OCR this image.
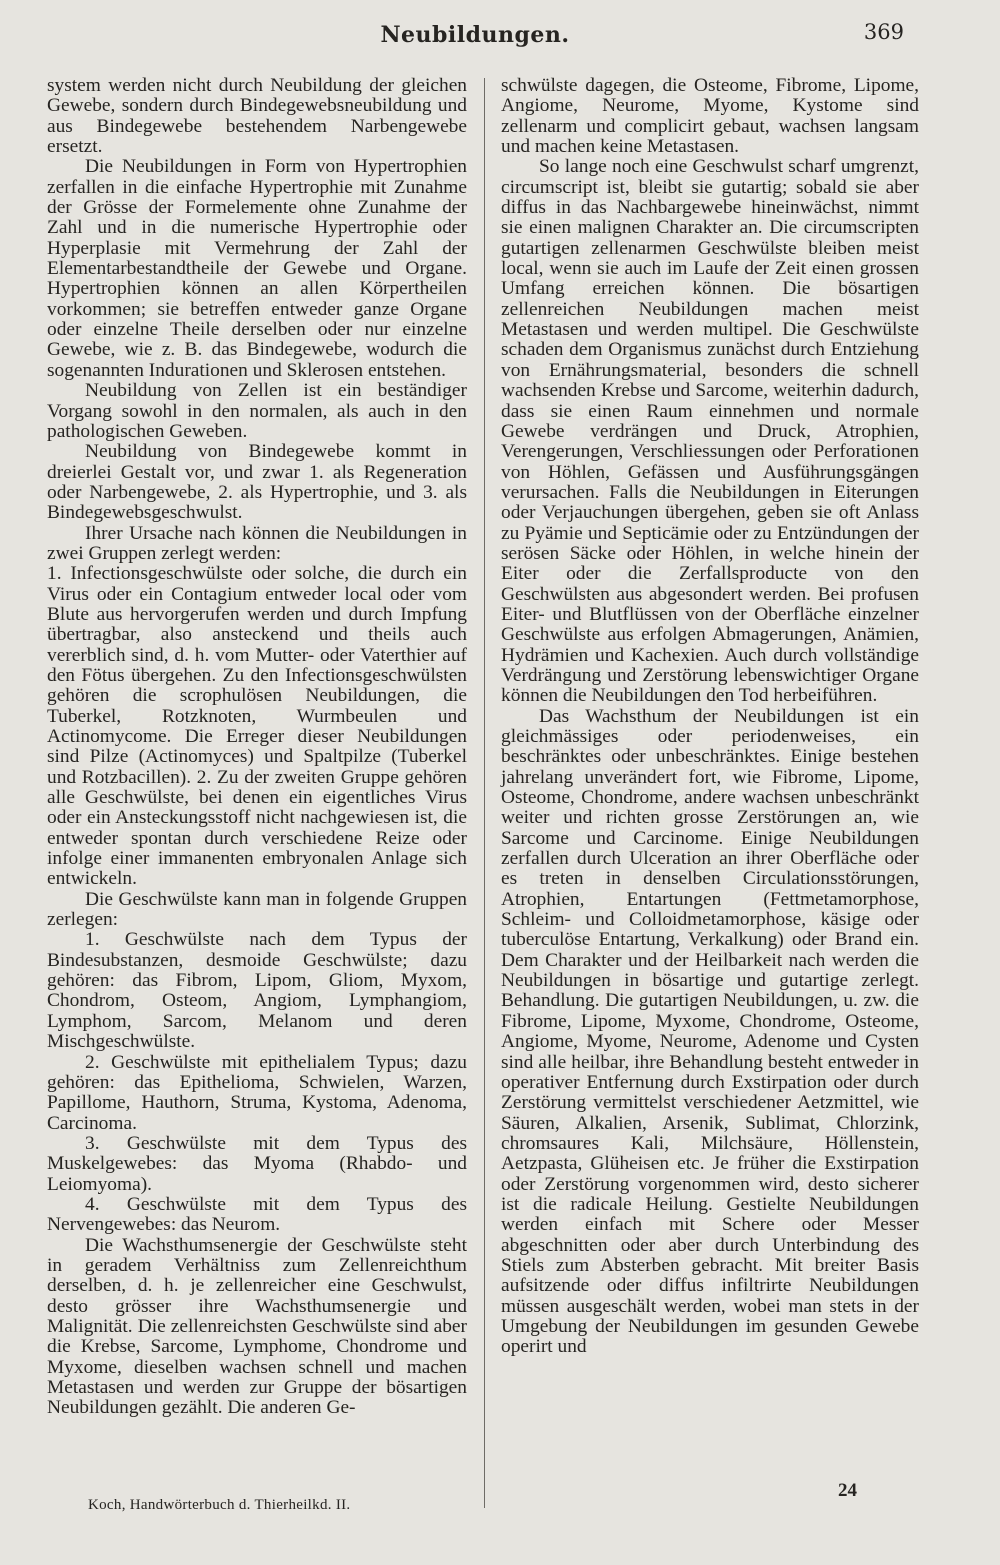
Neubildungen.	369

system werden nicht durch Neubildung der gleichen Gewebe, sondern durch Bindegewebsneubildung und aus Bindegewebe bestehendem Narbengewebe ersetzt.

Die Neubildungen in Form von Hypertrophien zerfallen in die einfache Hypertrophie mit Zunahme der Grösse der Formelemente ohne Zunahme der Zahl und in die numerische Hypertrophie oder Hyperplasie mit Vermehrung der Zahl der Elementarbestandtheile der Gewebe und Organe. Hypertrophien können an allen Körpertheilen vorkommen; sie betreffen entweder ganze Organe oder einzelne Theile derselben oder nur einzelne Gewebe, wie z. B. das Bindegewebe, wodurch die sogenannten Indurationen und Sklerosen entstehen.

Neubildung von Zellen ist ein beständiger Vorgang sowohl in den normalen, als auch in den pathologischen Geweben.

Neubildung von Bindegewebe kommt in dreierlei Gestalt vor, und zwar 1. als Regeneration oder Narbengewebe, 2. als Hypertrophie, und 3. als Bindegewebsgeschwulst.

Ihrer Ursache nach können die Neubildungen in zwei Gruppen zerlegt werden:

1. Infectionsgeschwülste oder solche, die durch ein Virus oder ein Contagium entweder local oder vom Blute aus hervorgerufen werden und durch Impfung übertragbar, also ansteckend und theils auch vererblich sind, d. h. vom Mutter- oder Vaterthier auf den Fötus übergehen. Zu den Infectionsgeschwülsten gehören die scrophulösen Neubildungen, die Tuberkel, Rotzknoten, Wurmbeulen und Actinomycome. Die Erreger dieser Neubildungen sind Pilze (Actinomyces) und Spaltpilze (Tuberkel und Rotzbacillen). 2. Zu der zweiten Gruppe gehören alle Geschwülste, bei denen ein eigentliches Virus oder ein Ansteckungsstoff nicht nachgewiesen ist, die entweder spontan durch verschiedene Reize oder infolge einer immanenten embryonalen Anlage sich entwickeln.

Die Geschwülste kann man in folgende Gruppen zerlegen:

1. Geschwülste nach dem Typus der Bindesubstanzen, desmoide Geschwülste; dazu gehören: das Fibrom, Lipom, Gliom, Myxom, Chondrom, Osteom, Angiom, Lymphangiom, Lymphom, Sarcom, Melanom und deren Mischgeschwülste.

2. Geschwülste mit epithelialem Typus; dazu gehören: das Epithelioma, Schwielen, Warzen, Papillome, Hauthorn, Struma, Kystoma, Adenoma, Carcinoma.

3. Geschwülste mit dem Typus des Muskelgewebes: das Myoma (Rhabdo- und Leiomyoma).

4. Geschwülste mit dem Typus des Nervengewebes: das Neurom.

Die Wachsthumsenergie der Geschwülste steht in geradem Verhältniss zum Zellenreichthum derselben, d. h. je zellenreicher eine Geschwulst, desto grösser ihre Wachsthumsenergie und Malignität. Die zellenreichsten Geschwülste sind aber die Krebse, Sarcome, Lymphome, Chondrome und Myxome, dieselben wachsen schnell und machen Metastasen und werden zur Gruppe der bösartigen Neubildungen gezählt. Die anderen Ge-

schwülste dagegen, die Osteome, Fibrome, Lipome, Angiome, Neurome, Myome, Kystome sind zellenarm und complicirt gebaut, wachsen langsam und machen keine Metastasen.

So lange noch eine Geschwulst scharf umgrenzt, circumscript ist, bleibt sie gutartig; sobald sie aber diffus in das Nachbargewebe hineinwächst, nimmt sie einen malignen Charakter an. Die circumscripten gutartigen zellenarmen Geschwülste bleiben meist local, wenn sie auch im Laufe der Zeit einen grossen Umfang erreichen können. Die bösartigen zellenreichen Neubildungen machen meist Metastasen und werden multipel. Die Geschwülste schaden dem Organismus zunächst durch Entziehung von Ernährungsmaterial, besonders die schnell wachsenden Krebse und Sarcome, weiterhin dadurch, dass sie einen Raum einnehmen und normale Gewebe verdrängen und Druck, Atrophien, Verengerungen, Verschliessungen oder Perforationen von Höhlen, Gefässen und Ausführungsgängen verursachen. Falls die Neubildungen in Eiterungen oder Verjauchungen übergehen, geben sie oft Anlass zu Pyämie und Septicämie oder zu Entzündungen der serösen Säcke oder Höhlen, in welche hinein der Eiter oder die Zerfallsproducte von den Geschwülsten aus abgesondert werden. Bei profusen Eiter- und Blutflüssen von der Oberfläche einzelner Geschwülste aus erfolgen Abmagerungen, Anämien, Hydrämien und Kachexien. Auch durch vollständige Verdrängung und Zerstörung lebenswichtiger Organe können die Neubildungen den Tod herbeiführen.

Das Wachsthum der Neubildungen ist ein gleichmässiges oder periodenweises, ein beschränktes oder unbeschränktes. Einige bestehen jahrelang unverändert fort, wie Fibrome, Lipome, Osteome, Chondrome, andere wachsen unbeschränkt weiter und richten grosse Zerstörungen an, wie Sarcome und Carcinome. Einige Neubildungen zerfallen durch Ulceration an ihrer Oberfläche oder es treten in denselben Circulationsstörungen, Atrophien, Entartungen (Fettmetamorphose, Schleim- und Colloidmetamorphose, käsige oder tuberculöse Entartung, Verkalkung) oder Brand ein. Dem Charakter und der Heilbarkeit nach werden die Neubildungen in bösartige und gutartige zerlegt. Behandlung. Die gutartigen Neubildungen, u. zw. die Fibrome, Lipome, Myxome, Chondrome, Osteome, Angiome, Myome, Neurome, Adenome und Cysten sind alle heilbar, ihre Behandlung besteht entweder in operativer Entfernung durch Exstirpation oder durch Zerstörung vermittelst verschiedener Aetzmittel, wie Säuren, Alkalien, Arsenik, Sublimat, Chlorzink, chromsaures Kali, Milchsäure, Höllenstein, Aetzpasta, Glüheisen etc. Je früher die Exstirpation oder Zerstörung vorgenommen wird, desto sicherer ist die radicale Heilung. Gestielte Neubildungen werden einfach mit Schere oder Messer abgeschnitten oder aber durch Unterbindung des Stiels zum Absterben gebracht. Mit breiter Basis aufsitzende oder diffus infiltrirte Neubildungen müssen ausgeschält werden, wobei man stets in der Umgebung der Neubildungen im gesunden Gewebe operirt und

Koch, Handwörterbuch d. Thierheilkd. II.
24
